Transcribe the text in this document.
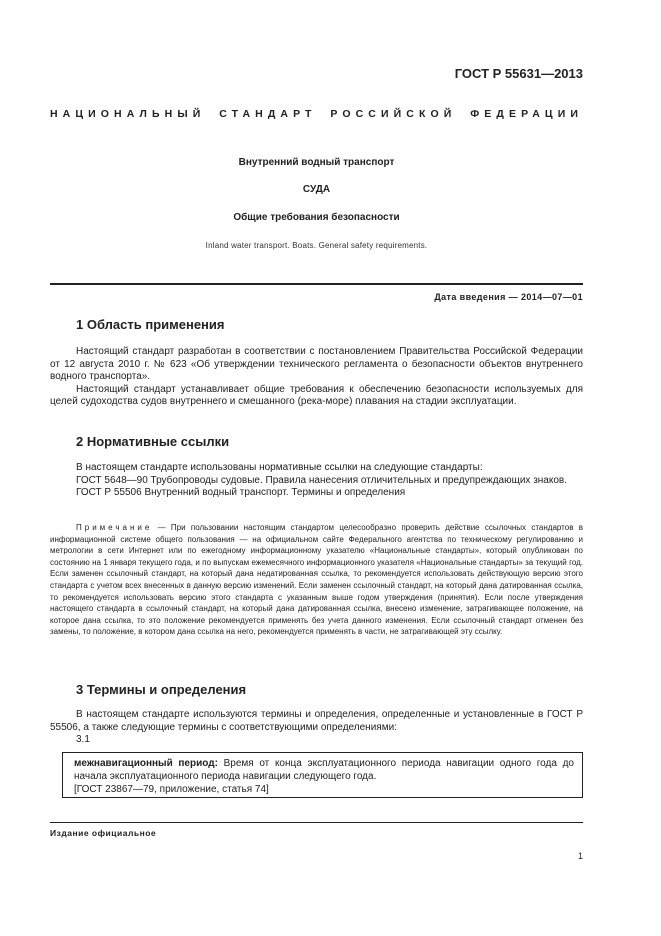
ГОСТ Р 55631—2013
НАЦИОНАЛЬНЫЙ СТАНДАРТ РОССИЙСКОЙ ФЕДЕРАЦИИ
Внутренний водный транспорт
СУДА
Общие требования безопасности
Inland water transport. Boats. General safety requirements.
Дата введения — 2014—07—01
1 Область применения
Настоящий стандарт разработан в соответствии с постановлением Правительства Российской Федерации от 12 августа 2010 г. № 623 «Об утверждении технического регламента о безопасности объектов внутреннего водного транспорта».
Настоящий стандарт устанавливает общие требования к обеспечению безопасности используемых для целей судоходства судов внутреннего и смешанного (река-море) плавания на стадии эксплуатации.
2 Нормативные ссылки
В настоящем стандарте использованы нормативные ссылки на следующие стандарты:
ГОСТ 5648—90 Трубопроводы судовые. Правила нанесения отличительных и предупреждающих знаков.
ГОСТ Р 55506 Внутренний водный транспорт. Термины и определения
Примечание — При пользовании настоящим стандартом целесообразно проверить действие ссылочных стандартов в информационной системе общего пользования — на официальном сайте Федерального агентства по техническому регулированию и метрологии в сети Интернет или по ежегодному информационному указателю «Национальные стандарты», который опубликован по состоянию на 1 января текущего года, и по выпускам ежемесячного информационного указателя «Национальные стандарты» за текущий год. Если заменен ссылочный стандарт, на который дана недатированная ссылка, то рекомендуется использовать действующую версию этого стандарта с учетом всех внесенных в данную версию изменений. Если заменен ссылочный стандарт, на который дана датированная ссылка, то рекомендуется использовать версию этого стандарта с указанным выше годом утверждения (принятия). Если после утверждения настоящего стандарта в ссылочный стандарт, на который дана датированная ссылка, внесено изменение, затрагивающее положение, на которое дана ссылка, то это положение рекомендуется применять без учета данного изменения. Если ссылочный стандарт отменен без замены, то положение, в котором дана ссылка на него, рекомендуется применять в части, не затрагивающей эту ссылку.
3 Термины и определения
В настоящем стандарте используются термины и определения, определенные и установленные в ГОСТ Р 55506, а также следующие термины с соответствующими определениями:
3.1
межнавигационный период: Время от конца эксплуатационного периода навигации одного года до начала эксплуатационного периода навигации следующего года.
[ГОСТ 23867—79, приложение, статья 74]
Издание официальное
1
